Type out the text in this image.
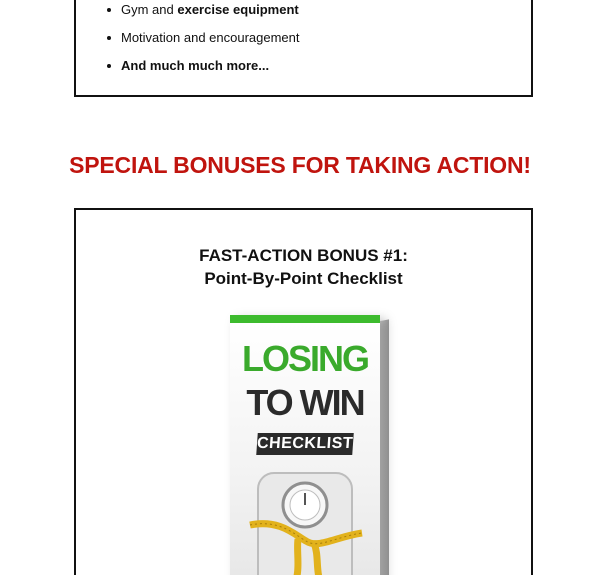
Gym and exercise equipment
Motivation and encouragement
And much much more...
SPECIAL BONUSES FOR TAKING ACTION!
FAST-ACTION BONUS #1:
Point-By-Point Checklist
LOSING
TO WIN
CHECKLIST
